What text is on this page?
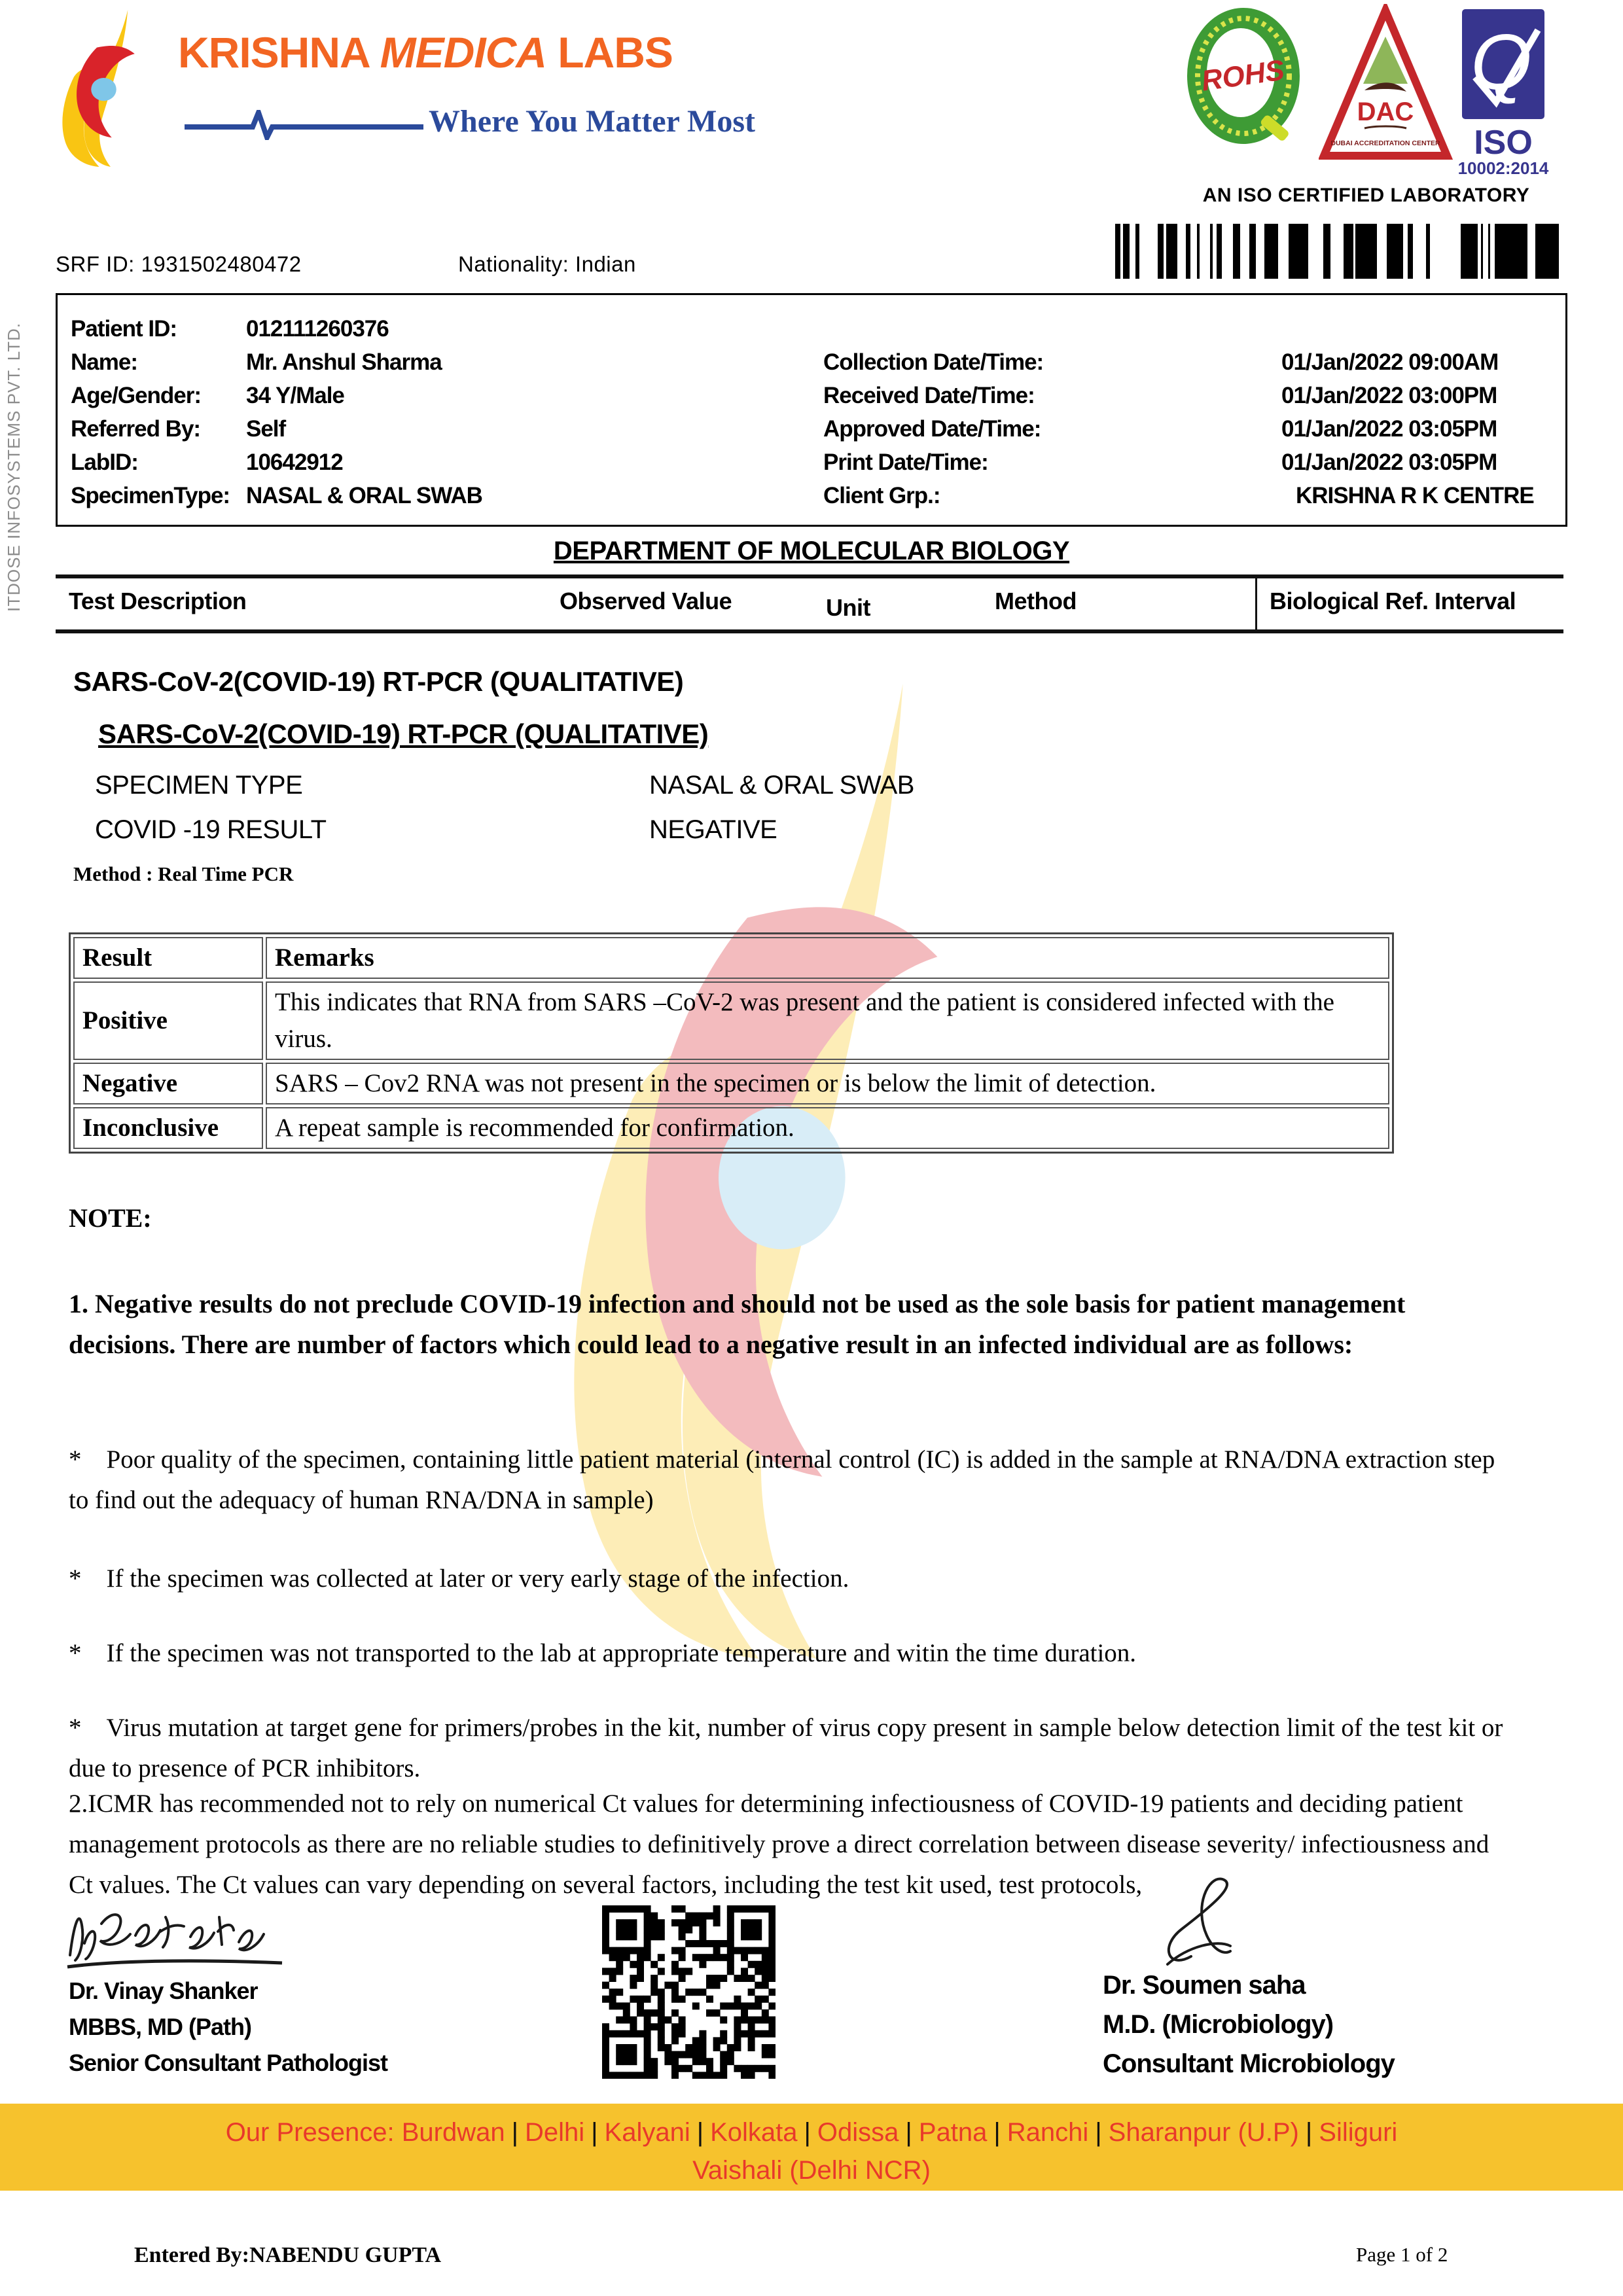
ITDOSE INFOSYSTEMS PVT. LTD.
KRISHNA MEDICA LABS
Where You Matter Most
ROHS
DAC
DUBAI ACCREDITATION CENTER
Q
ISO
10002:2014
AN ISO CERTIFIED LABORATORY
SRF ID: 1931502480472	Nationality: Indian
Patient ID:	012111260376
Name:	Mr. Anshul Sharma
Age/Gender:	34 Y/Male
Referred By:	Self
LabID:	10642912
SpecimenType: NASAL & ORAL SWAB
Collection Date/Time:	01/Jan/2022 09:00AM
Received Date/Time:	01/Jan/2022 03:00PM
Approved Date/Time:	01/Jan/2022 03:05PM
Print Date/Time:	01/Jan/2022 03:05PM
Client Grp.:	KRISHNA R K CENTRE
DEPARTMENT OF MOLECULAR BIOLOGY
Test Description	Observed Value	Unit	Method	Biological Ref. Interval
SARS-CoV-2(COVID-19) RT-PCR (QUALITATIVE)
SARS-CoV-2(COVID-19) RT-PCR (QUALITATIVE)
SPECIMEN TYPE	NASAL & ORAL SWAB
COVID -19 RESULT	NEGATIVE
Method : Real Time PCR
Result	Remarks
Positive	This indicates that RNA from SARS –CoV-2 was present and the patient is considered infected with the virus.
Negative	SARS – Cov2 RNA was not present in the specimen or is below the limit of detection.
Inconclusive	A repeat sample is recommended for confirmation.
NOTE:
1. Negative results do not preclude COVID-19 infection and should not be used as the sole basis for patient management decisions. There are number of factors which could lead to a negative result in an infected individual are as follows:
* Poor quality of the specimen, containing little patient material (internal control (IC) is added in the sample at RNA/DNA extraction step to find out the adequacy of human RNA/DNA in sample)
* If the specimen was collected at later or very early stage of the infection.
* If the specimen was not transported to the lab at appropriate temperature and witin the time duration.
* Virus mutation at target gene for primers/probes in the kit, number of virus copy present in sample below detection limit of the test kit or due to presence of PCR inhibitors.
2.ICMR has recommended not to rely on numerical Ct values for determining infectiousness of COVID-19 patients and deciding patient management protocols as there are no reliable studies to definitively prove a direct correlation between disease severity/ infectiousness and Ct values. The Ct values can vary depending on several factors, including the test kit used, test protocols,
Dr. Vinay Shanker
MBBS, MD (Path)
Senior Consultant Pathologist
Dr. Soumen saha
M.D. (Microbiology)
Consultant Microbiology
Our Presence: Burdwan | Delhi | Kalyani | Kolkata | Odissa | Patna | Ranchi | Sharanpur (U.P) | Siliguri
Vaishali (Delhi NCR)
Entered By:NABENDU GUPTA	Page 1 of 2
